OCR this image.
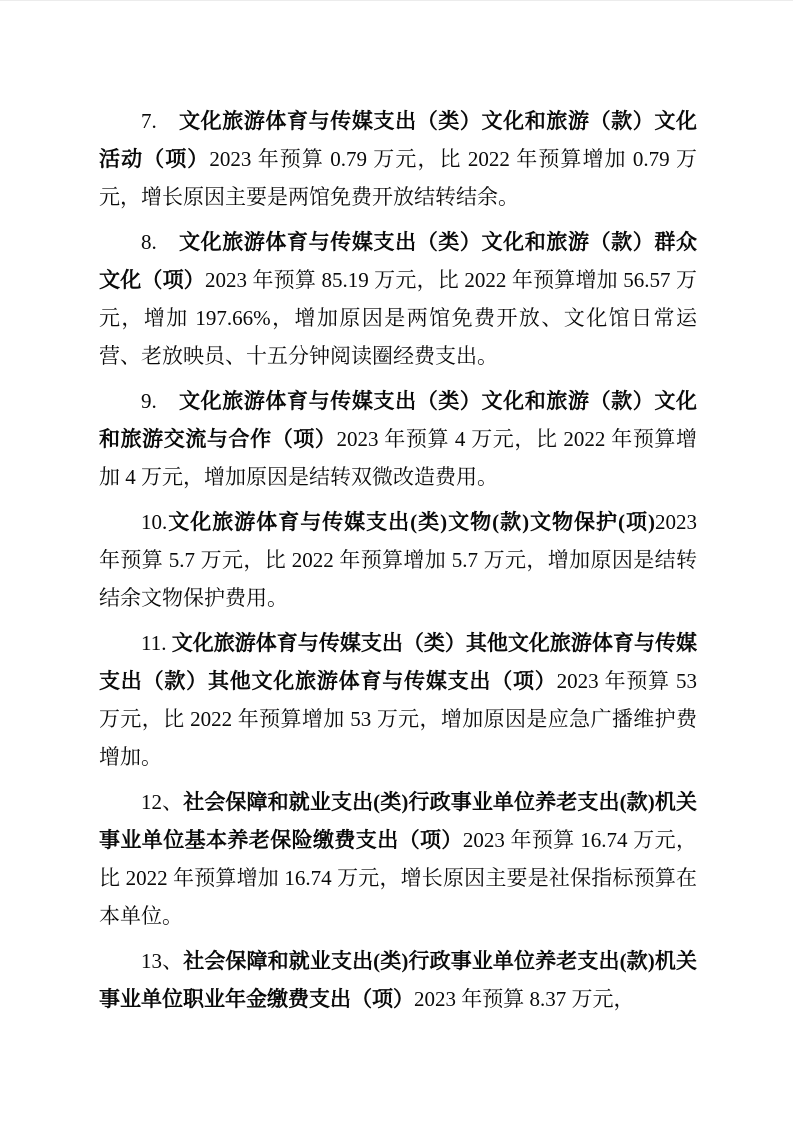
7.　文化旅游体育与传媒支出（类）文化和旅游（款）文化活动（项）2023 年预算 0.79 万元，比 2022 年预算增加 0.79 万元，增长原因主要是两馆免费开放结转结余。

8.　文化旅游体育与传媒支出（类）文化和旅游（款）群众文化（项）2023 年预算 85.19 万元，比 2022 年预算增加 56.57 万元，增加 197.66%，增加原因是两馆免费开放、文化馆日常运营、老放映员、十五分钟阅读圈经费支出。

9.　文化旅游体育与传媒支出（类）文化和旅游（款）文化和旅游交流与合作（项）2023 年预算 4 万元，比 2022 年预算增加 4 万元，增加原因是结转双微改造费用。

10.文化旅游体育与传媒支出(类)文物(款)文物保护(项)2023 年预算 5.7 万元，比 2022 年预算增加 5.7 万元，增加原因是结转结余文物保护费用。

11. 文化旅游体育与传媒支出（类）其他文化旅游体育与传媒支出（款）其他文化旅游体育与传媒支出（项）2023 年预算 53 万元，比 2022 年预算增加 53 万元，增加原因是应急广播维护费增加。

12、社会保障和就业支出(类)行政事业单位养老支出(款)机关事业单位基本养老保险缴费支出（项）2023 年预算 16.74 万元，比 2022 年预算增加 16.74 万元，增长原因主要是社保指标预算在本单位。

13、社会保障和就业支出(类)行政事业单位养老支出(款)机关事业单位职业年金缴费支出（项）2023 年预算 8.37 万元，
